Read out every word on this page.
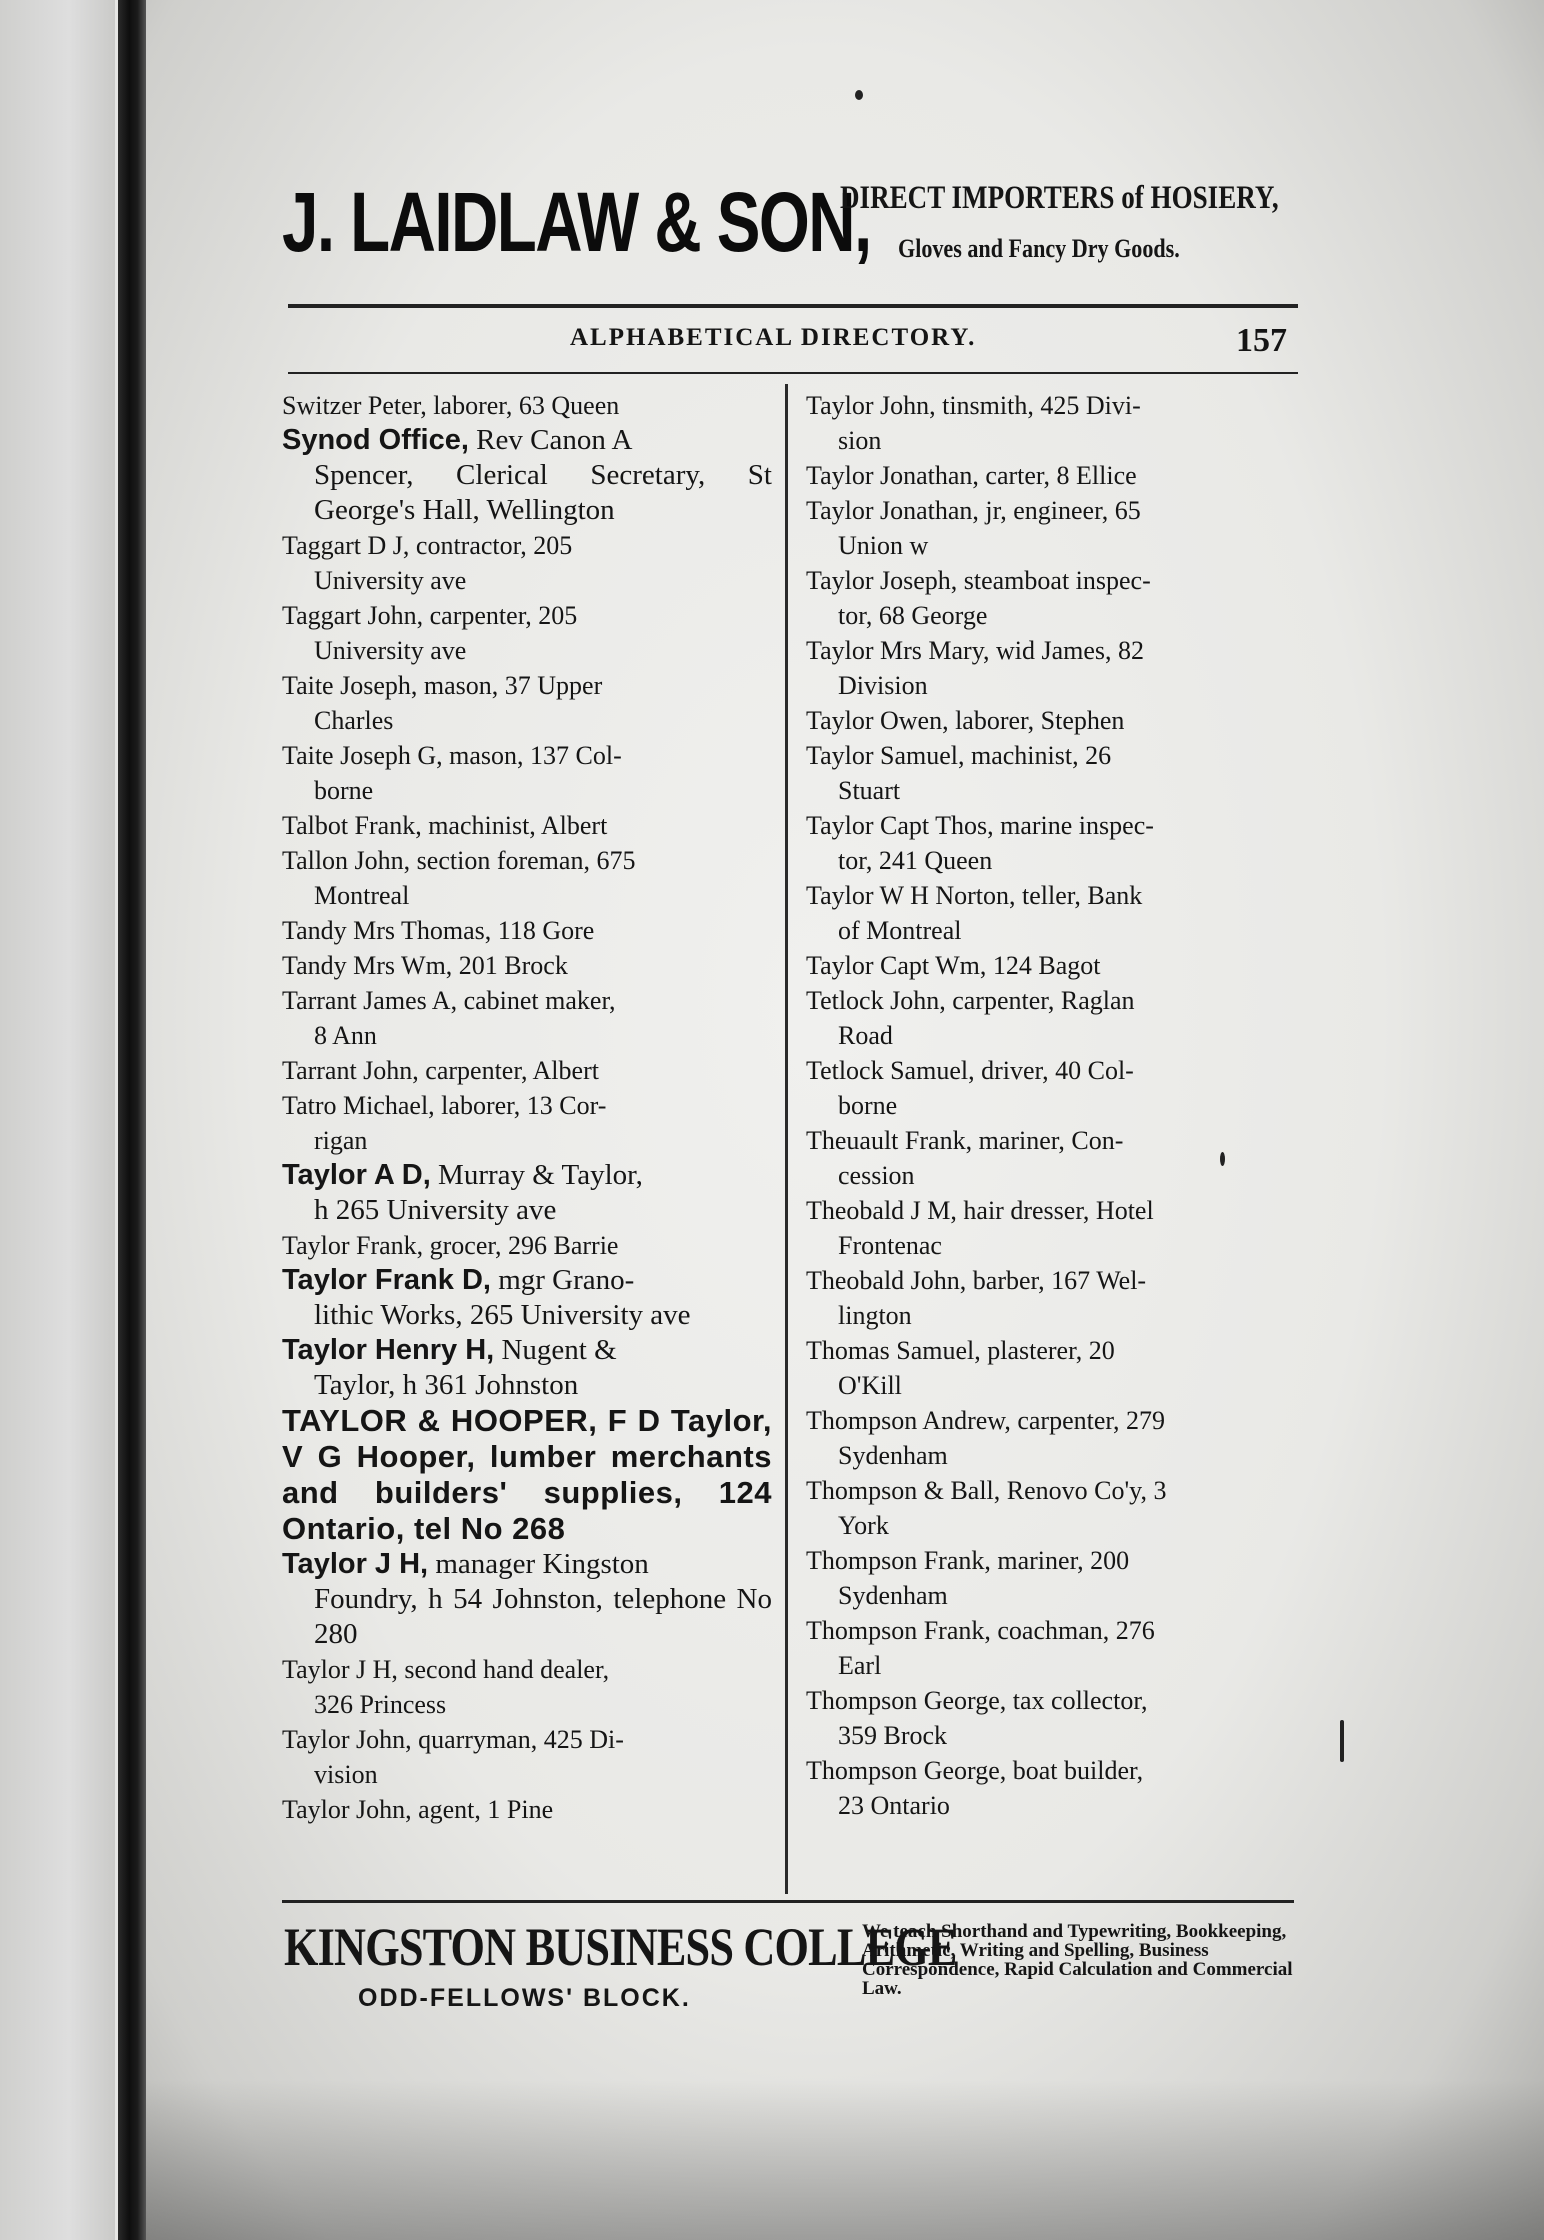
J. LAIDLAW & SON,
DIRECT IMPORTERS of HOSIERY,
Gloves and Fancy Dry Goods.
ALPHABETICAL DIRECTORY.	157
Switzer Peter, laborer, 63 Queen
Synod Office, Rev Canon A
Spencer, Clerical Secretary, St George's Hall, Wellington
Taggart D J, contractor, 205
University ave
Taggart John, carpenter, 205
University ave
Taite Joseph, mason, 37 Upper
Charles
Taite Joseph G, mason, 137 Col-
borne
Talbot Frank, machinist, Albert
Tallon John, section foreman, 675
Montreal
Tandy Mrs Thomas, 118 Gore
Tandy Mrs Wm, 201 Brock
Tarrant James A, cabinet maker,
8 Ann
Tarrant John, carpenter, Albert
Tatro Michael, laborer, 13 Cor-
rigan
Taylor A D, Murray & Taylor,
h 265 University ave
Taylor Frank, grocer, 296 Barrie
Taylor Frank D, mgr Grano-
lithic Works, 265 University ave
Taylor Henry H, Nugent &
Taylor, h 361 Johnston
TAYLOR & HOOPER, F D Taylor, V G Hooper, lumber merchants and builders' supplies, 124 Ontario, tel No 268
Taylor J H, manager Kingston
Foundry, h 54 Johnston, telephone No 280
Taylor J H, second hand dealer,
326 Princess
Taylor John, quarryman, 425 Di-
vision
Taylor John, agent, 1 Pine
Taylor John, tinsmith, 425 Divi-
sion
Taylor Jonathan, carter, 8 Ellice
Taylor Jonathan, jr, engineer, 65
Union w
Taylor Joseph, steamboat inspec-
tor, 68 George
Taylor Mrs Mary, wid James, 82
Division
Taylor Owen, laborer, Stephen
Taylor Samuel, machinist, 26
Stuart
Taylor Capt Thos, marine inspec-
tor, 241 Queen
Taylor W H Norton, teller, Bank
of Montreal
Taylor Capt Wm, 124 Bagot
Tetlock John, carpenter, Raglan
Road
Tetlock Samuel, driver, 40 Col-
borne
Theuault Frank, mariner, Con-
cession
Theobald J M, hair dresser, Hotel
Frontenac
Theobald John, barber, 167 Wel-
lington
Thomas Samuel, plasterer, 20
O'Kill
Thompson Andrew, carpenter, 279
Sydenham
Thompson & Ball, Renovo Co'y, 3
York
Thompson Frank, mariner, 200
Sydenham
Thompson Frank, coachman, 276
Earl
Thompson George, tax collector,
359 Brock
Thompson George, boat builder,
23 Ontario
KINGSTON BUSINESS COLLEGE
ODD-FELLOWS' BLOCK.
We teach Shorthand and Typewriting, Bookkeeping, Arithmetic, Writing and Spelling, Business Correspondence, Rapid Calculation and Commercial Law.
